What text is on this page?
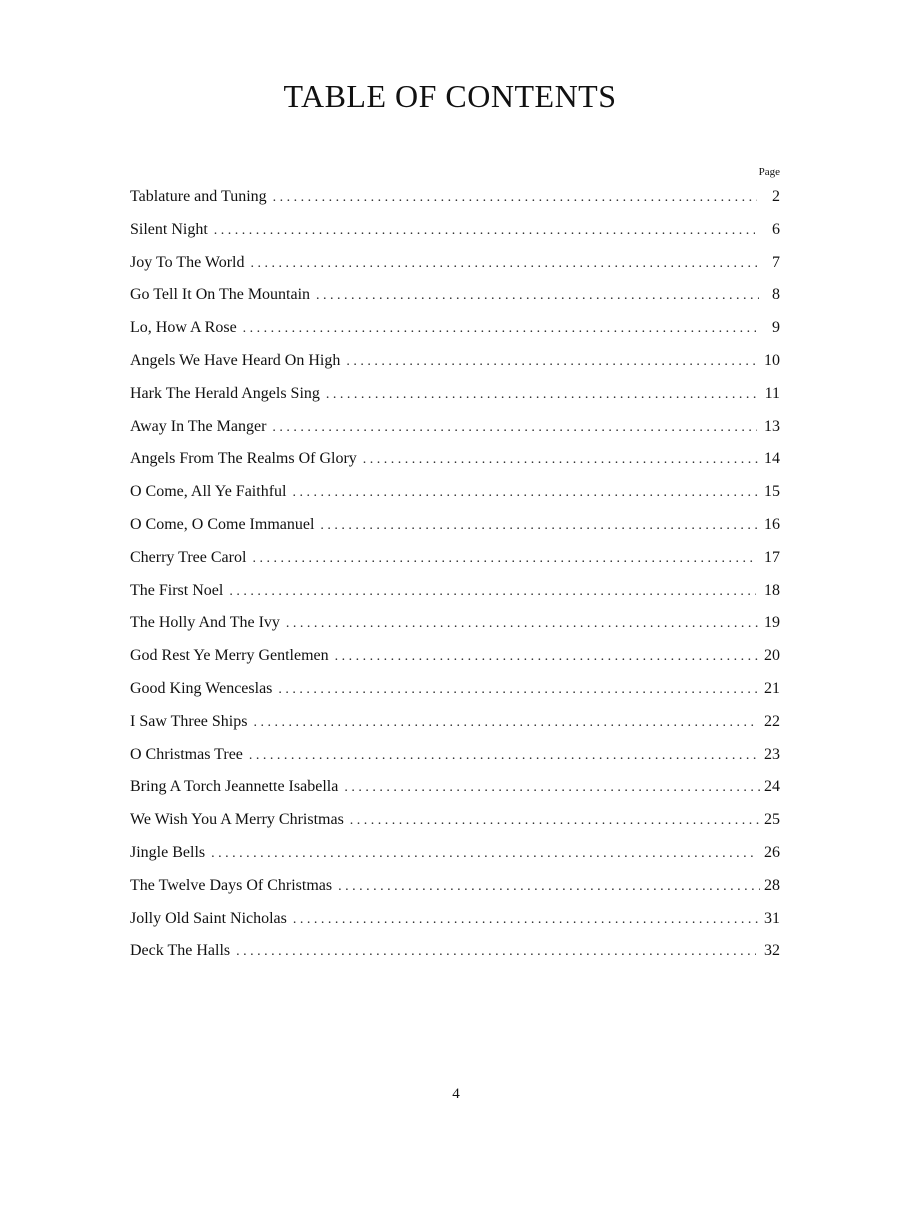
TABLE OF CONTENTS
Page
Tablature and Tuning . . .	2
Silent Night . . .	6
Joy To The World . . .	7
Go Tell It On The Mountain . . .	8
Lo, How A Rose . . .	9
Angels We Have Heard On High . . .	10
Hark The Herald Angels Sing . . .	11
Away In The Manger . . .	13
Angels From The Realms Of Glory . . .	14
O Come, All Ye Faithful . . .	15
O Come, O Come Immanuel . . .	16
Cherry Tree Carol . . .	17
The First Noel . . .	18
The Holly And The Ivy . . .	19
God Rest Ye Merry Gentlemen . . .	20
Good King Wenceslas . . .	21
I Saw Three Ships . . .	22
O Christmas Tree . . .	23
Bring A Torch Jeannette Isabella . . .	24
We Wish You A Merry Christmas . . .	25
Jingle Bells . . .	26
The Twelve Days Of Christmas . . .	28
Jolly Old Saint Nicholas . . .	31
Deck The Halls . . .	32
4
